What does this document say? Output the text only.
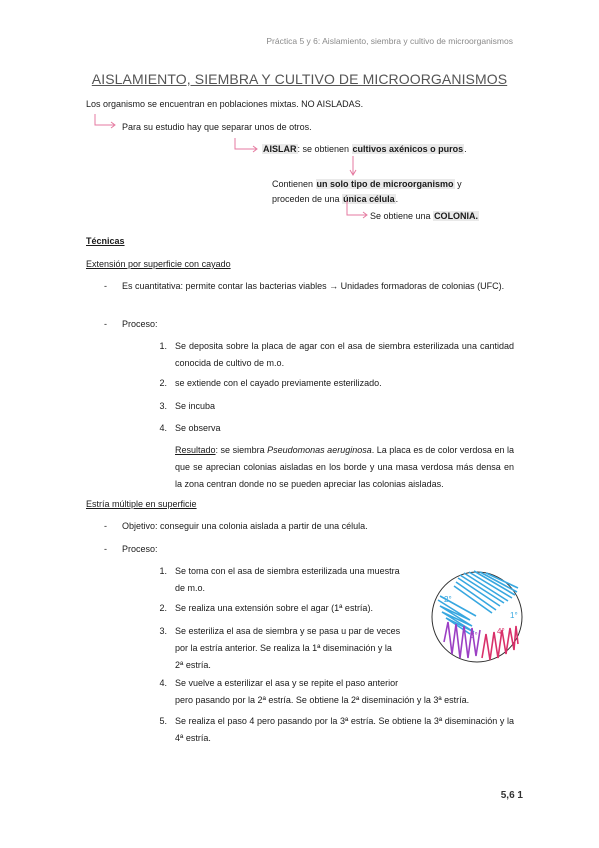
Práctica 5 y 6: Aislamiento, siembra y cultivo de microorganismos
AISLAMIENTO, SIEMBRA Y CULTIVO DE MICROORGANISMOS
Los organismo se encuentran en poblaciones mixtas. NO AISLADAS.
Para su estudio hay que separar unos de otros.
AISLAR: se obtienen cultivos axénicos o puros.
Contienen un solo tipo de microorganismo y
proceden de una única célula.
Se obtiene una COLONIA.
Técnicas
Extensión por superficie con cayado
- Es cuantitativa: permite contar las bacterias viables → Unidades formadoras de colonias (UFC).
- Proceso:
1. Se deposita sobre la placa de agar con el asa de siembra esterilizada una cantidad conocida de cultivo de m.o.
2. se extiende con el cayado previamente esterilizado.
3. Se incuba
4. Se observa
Resultado: se siembra Pseudomonas aeruginosa. La placa es de color verdosa en la que se aprecian colonias aisladas en los borde y una masa verdosa más densa en la zona centran donde no se pueden apreciar las colonias aisladas.
Estría múltiple en superficie
- Objetivo: conseguir una colonia aislada a partir de una célula.
- Proceso:
1. Se toma con el asa de siembra esterilizada una muestra
de m.o.
2. Se realiza una extensión sobre el agar (1ª estría).
3. Se esteriliza el asa de siembra y se pasa u par de veces
por la estría anterior. Se realiza la 1ª diseminación y la
2ª estría.
4. Se vuelve a esterilizar el asa y se repite el paso anterior
pero pasando por la 2ª estría. Se obtiene la 2ª diseminación y la 3ª estría.
5. Se realiza el paso 4 pero pasando por la 3ª estría. Se obtiene la 3ª diseminación y la 4ª estría.
2°
1°
3° 4°
5,6 1
